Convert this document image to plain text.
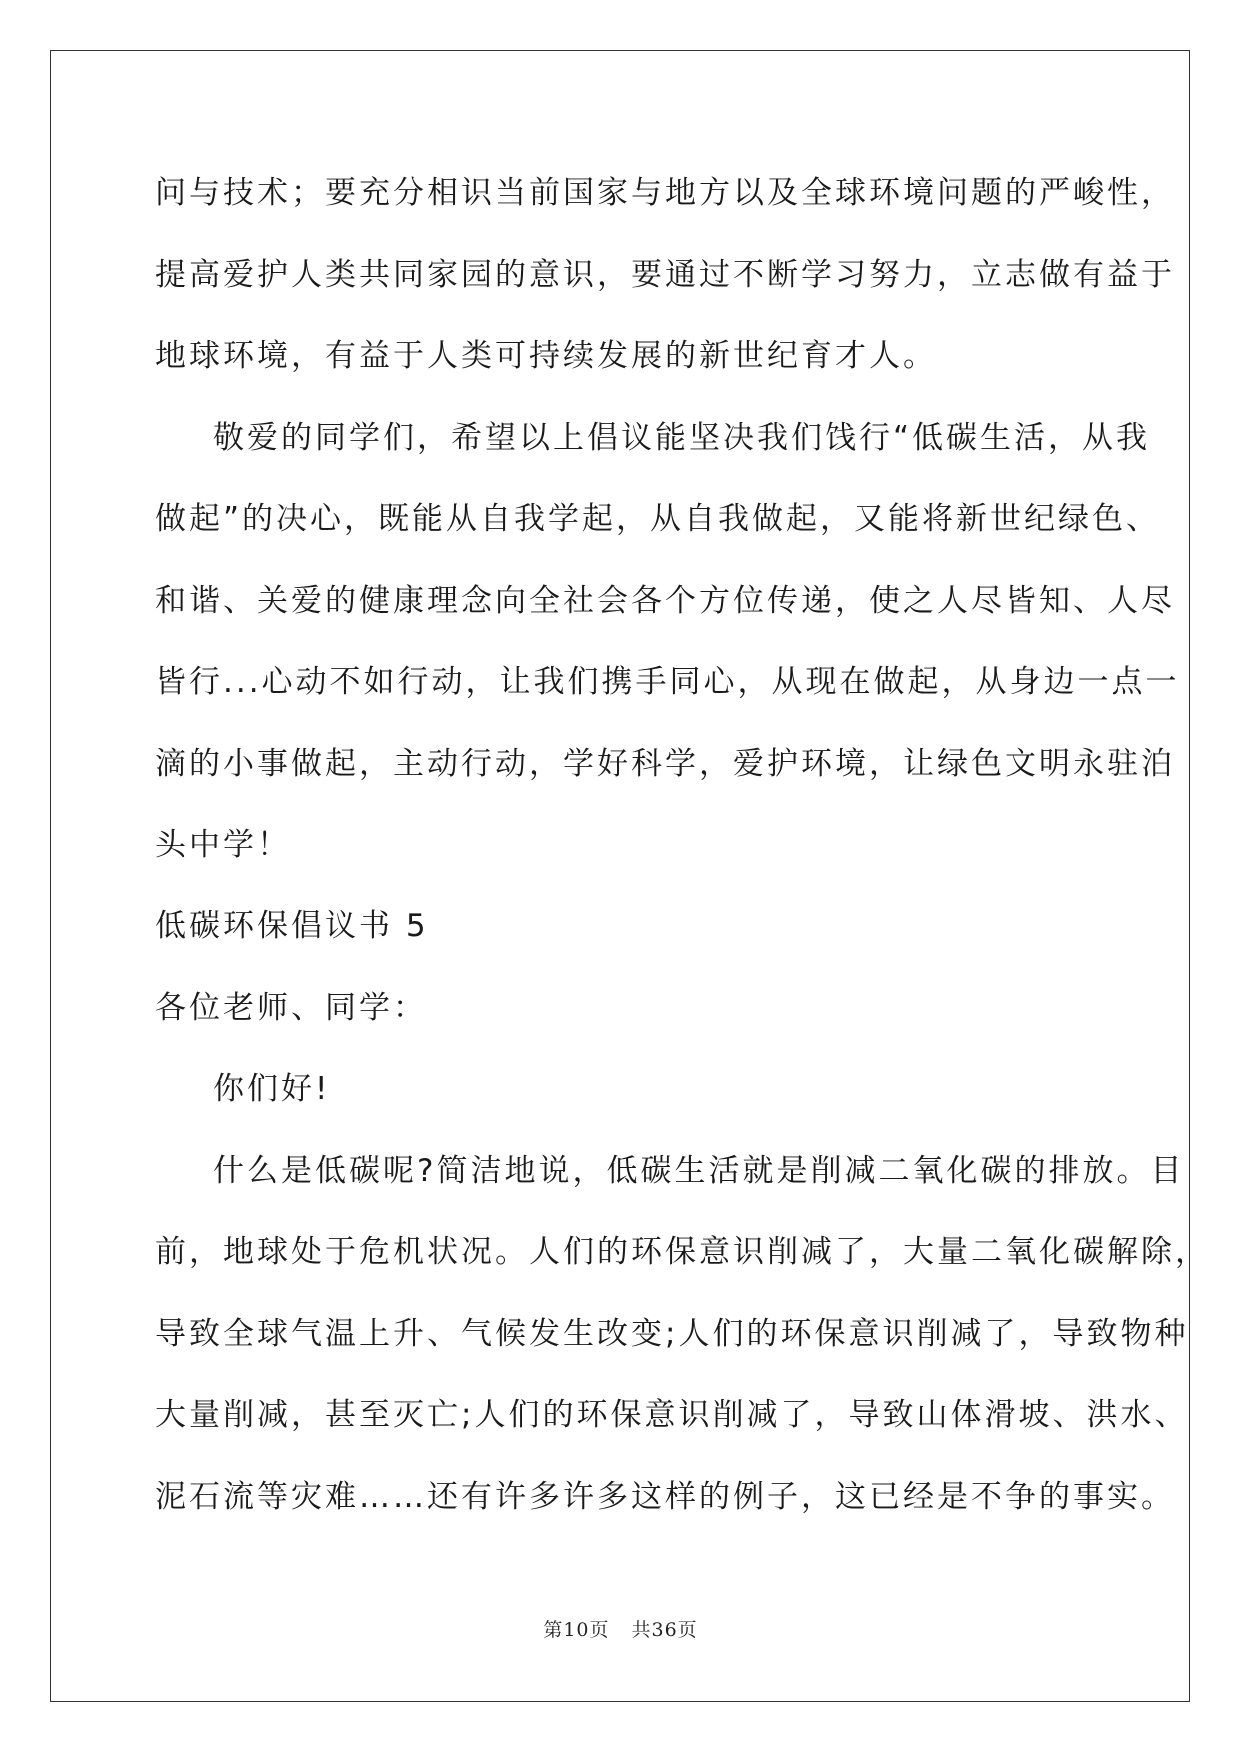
问与技术；要充分相识当前国家与地方以及全球环境问题的严峻性，
提高爱护人类共同家园的意识，要通过不断学习努力，立志做有益于
地球环境，有益于人类可持续发展的新世纪育才人。
敬爱的同学们，希望以上倡议能坚决我们饯行“低碳生活，从我
做起”的决心，既能从自我学起，从自我做起，又能将新世纪绿色、
和谐、关爱的健康理念向全社会各个方位传递，使之人尽皆知、人尽
皆行...心动不如行动，让我们携手同心，从现在做起，从身边一点一
滴的小事做起，主动行动，学好科学，爱护环境，让绿色文明永驻泊
头中学！
低碳环保倡议书 5
各位老师、同学：
你们好!
什么是低碳呢?简洁地说，低碳生活就是削减二氧化碳的排放。目
前，地球处于危机状况。人们的环保意识削减了，大量二氧化碳解除，
导致全球气温上升、气候发生改变;人们的环保意识削减了，导致物种
大量削减，甚至灭亡;人们的环保意识削减了，导致山体滑坡、洪水、
泥石流等灾难……还有许多许多这样的例子，这已经是不争的事实。
第10页 共36页
